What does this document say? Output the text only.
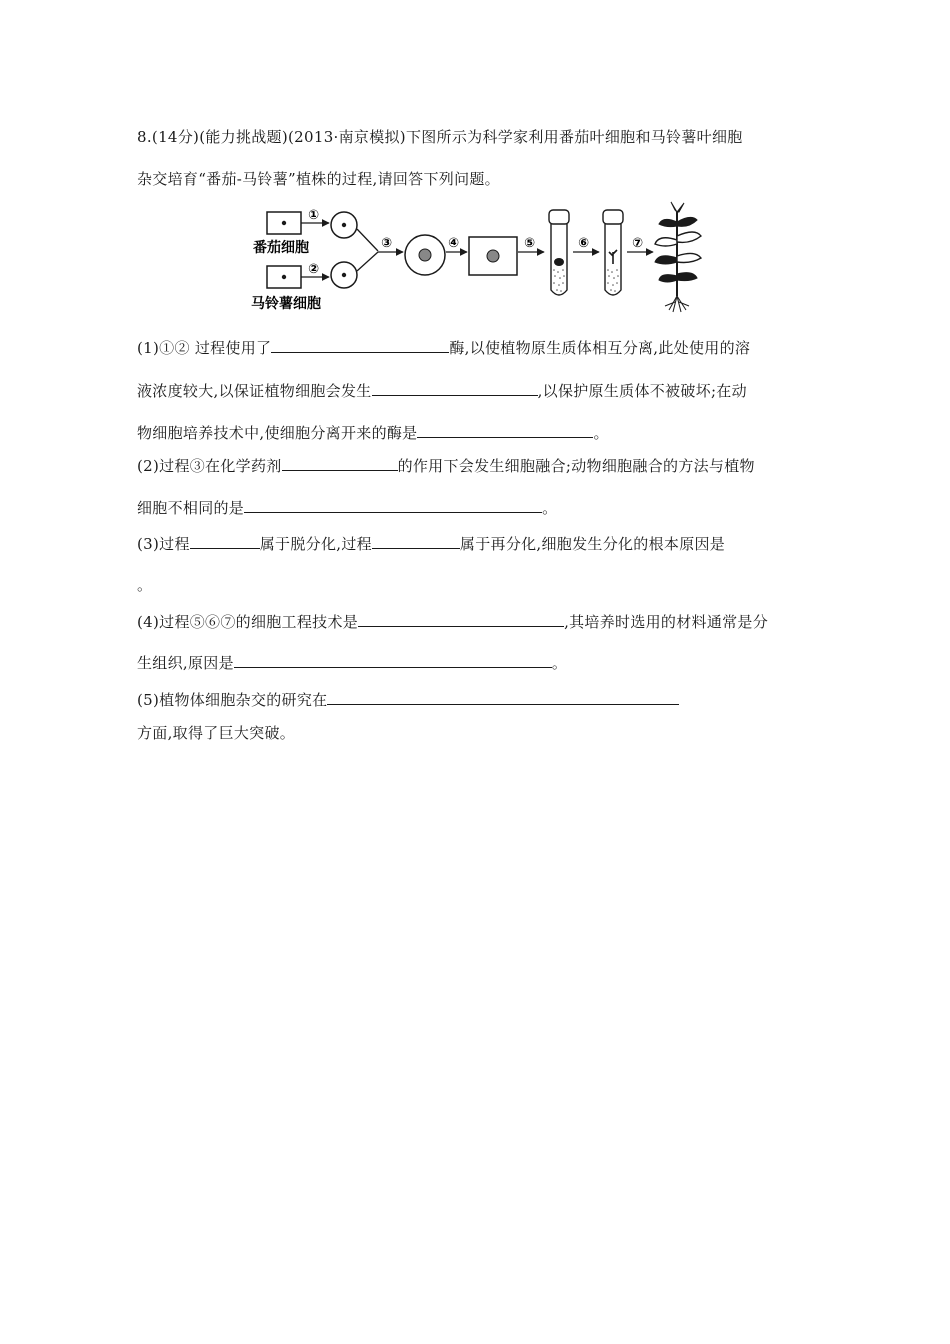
8.(14分)(能力挑战题)(2013·南京模拟)下图所示为科学家利用番茄叶细胞和马铃薯叶细胞
杂交培育“番茄-马铃薯”植株的过程,请回答下列问题。
①
番茄细胞
②
马铃薯细胞
③	④	⑤	⑥	⑦
(1)①② 过程使用了	酶,以使植物原生质体相互分离,此处使用的溶
液浓度较大,以保证植物细胞会发生	,以保护原生质体不被破坏;在动
物细胞培养技术中,使细胞分离开来的酶是	。
(2)过程③在化学药剂	的作用下会发生细胞融合;动物细胞融合的方法与植物
细胞不相同的是	。
(3)过程	属于脱分化,过程	属于再分化,细胞发生分化的根本原因是
。
(4)过程⑤⑥⑦的细胞工程技术是	,其培养时选用的材料通常是分
生组织,原因是	。
(5)植物体细胞杂交的研究在
方面,取得了巨大突破。
